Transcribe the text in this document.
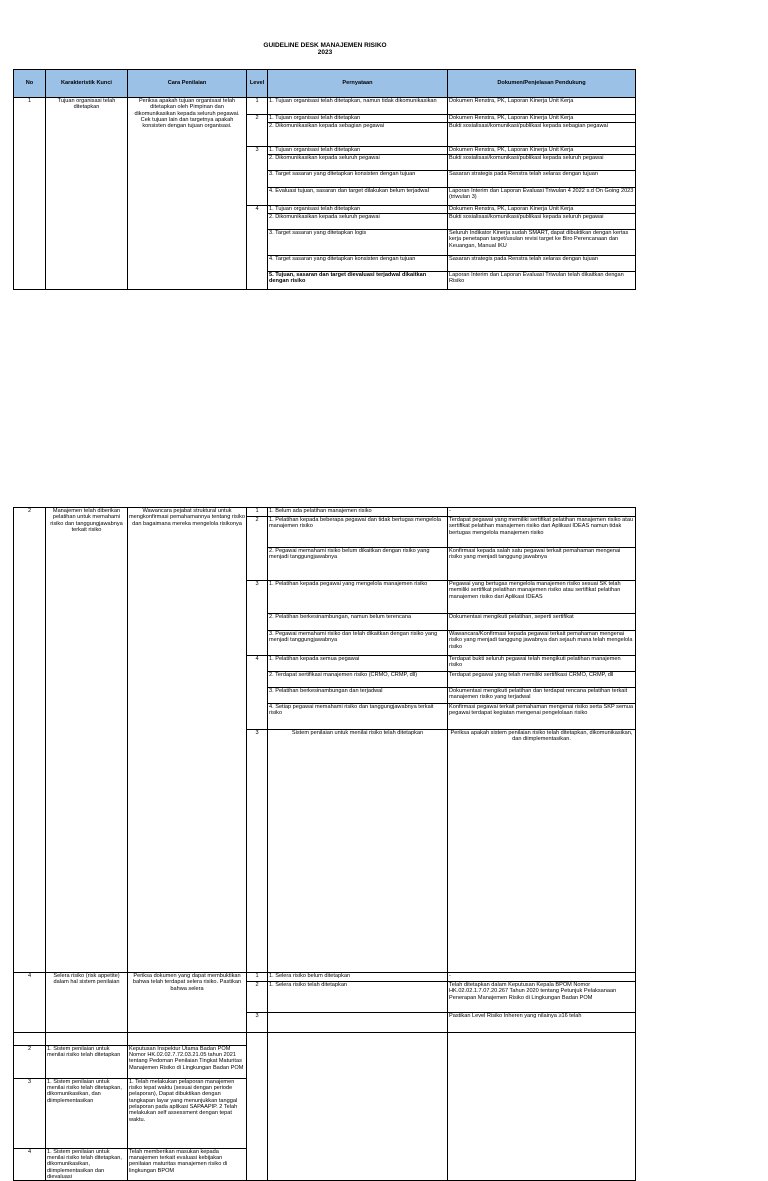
GUIDELINE DESK MANAJEMEN RISIKO
2023
No	Karakteristik Kunci	Cara Penilaian	Level	Pernyataan	Dokumen/Penjelasan Pendukung
1	Tujuan organisasi telah ditetapkan	Periksa apakah tujuan organisasi telah ditetapkan oleh Pimpinan dan dikomunikasikan kepada seluruh pegawai. Cek tujuan lain dan targetnya apakah konsisten dengan tujuan organisasi.	1	1. Tujuan organisasi telah ditetapkan, namun tidak dikomunikasikan	Dokumen Renstra, PK, Laporan Kinerja Unit Kerja
			2	1. Tujuan organisasi telah ditetapkan	Dokumen Renstra, PK, Laporan Kinerja Unit Kerja
				2. Dikomunikasikan kepada sebagian pegawai	Bukti sosialisasi/komunikasi/publikasi kepada sebagian pegawai
			3	1. Tujuan organisasi telah ditetapkan	Dokumen Renstra, PK, Laporan Kinerja Unit Kerja
				2. Dikomunikasikan kepada seluruh pegawai	Bukti sosialisasi/komunikasi/publikasi kepada seluruh pegawai
				3. Target sasaran yang ditetapkan konsisten dengan tujuan	Sasaran strategis pada Renstra telah selaras dengan tujuan
				4. Evaluasi tujuan, sasaran dan target dilakukan belum terjadwal	Laporan Interim dan Laporan Evaluasi Triwulan 4 2022 s.d On Going 2023 (triwulan 3)
			4	1. Tujuan organisasi telah ditetapkan	Dokumen Renstra, PK, Laporan Kinerja Unit Kerja
				2. Dikomunikasikan kepada seluruh pegawai	Bukti sosialisasi/komunikasi/publikasi kepada seluruh pegawai
				3. Target sasaran yang ditetapkan logis	Seluruh Indikator Kinerja sudah SMART, dapat dibuktikan dengan kertas kerja penetapan target/usulan revisi target ke Biro Perencanaan dan Keuangan, Manual IKU
				4. Target sasaran yang ditetapkan konsisten dengan tujuan	Sasaran strategis pada Renstra telah selaras dengan tujuan
				5. Tujuan, sasaran dan target dievaluasi terjadwal dikaitkan dengan risiko	Laporan Interim dan Laporan Evaluasi Triwulan telah dikaitkan dengan Risiko
2	Manajemen telah diberikan pelatihan untuk memahami risiko dan tanggungjawabnya terkait risiko	Wawancara pejabat struktural untuk mengkonfirmasi pemahamannya tentang risiko dan bagaimana mereka mengelola risikonya	1	1. Belum ada pelatihan manajemen risiko	-	
			2	1. Pelatihan kepada beberapa pegawai dan tidak bertugas mengelola manajemen risiko	Terdapat pegawai yang memiliki sertifikat pelatihan manajemen risiko atau sertifikat pelatihan manajemen risiko dari Aplikasi IDEAS namun tidak bertugas mengelola manajemen risiko	
				2. Pegawai memahami risiko belum dikaitkan dengan risiko yang menjadi tanggungjawabnya	Konfirmasi kepada salah satu pegawai terkait pemahaman mengenai risiko yang menjadi tanggung jawabnya	
			3	1. Pelatihan kepada pegawai yang mengelola manajemen risiko	Pegawai yang bertugas mengelola manajemen risiko sesuai SK telah memiliki sertifikat pelatihan manajemen risiko atau sertifikat pelatihan manajemen risiko dari Aplikasi IDEAS	
				2. Pelatihan berkesinambungan, namun belum terencana	Dokumentasi mengikuti pelatihan, seperti sertifikat	
				3. Pegawai memahami risiko dan telah dikaitkan dengan risiko yang menjadi tanggungjawabnya	Wawancara/Konfirmasi kepada pegawai terkait pemahaman mengenai risiko yang menjadi tanggung jawabnya dan sejauh mana telah mengelola risiko	
			4	1. Pelatihan kepada semua pegawai	Terdapat bukti seluruh pegawai telah mengikuti pelatihan manajemen risiko	
				2. Terdapat sertifikasi manajemen risiko (CRMO, CRMP, dll)	Terdapat pegawai yang telah memiliki sertifikasi CRMO, CRMP, dll	
				3. Pelatihan berkesinambungan dan terjadwal	Dokumentasi mengikuti pelatihan dan terdapat rencana pelatihan terkait manajemen risiko yang terjadwal	
				4. Setiap pegawai memahami risiko dan tanggungjawabnya terkait risiko	Konfirmasi pegawai terkait pemahaman mengenai risiko serta SKP semua pegawai terdapat kegiatan mengenai pengelolaan risiko	
			3	Sistem penilaian untuk menilai risiko telah ditetapkan	Periksa apakah sistem penilaian risiko telah ditetapkan, dikomunikasikan, dan diimplementasikan.			
2	1. Sistem penilaian untuk menilai risiko telah ditetapkan	Keputusan Inspektur Utama Badan POM Nomor HK.02.02.7.72.03.21.05 tahun 2021 tentang Pedoman Penilaian Tingkat Maturitas Manajemen Risiko di Lingkungan Badan POM				
3	1. Sistem penilaian untuk menilai risiko telah ditetapkan, dikomunikasikan, dan diimplementasikan	1. Telah melakukan pelaporan manajemen risiko tepat waktu (sesuai dengan periode pelaporan), Dapat dibuktikan dengan tangkapan layar yang menunjukkan tanggal pelaporan pada aplikasi SAPAAPIP. 2 Telah melakukan self assessment dengan tepat waktu.				
4	1. Sistem penilaian untuk menilai risiko telah ditetapkan, dikomunikasikan, diimplementasikan dan dievaluasi	Telah memberikan masukan kepada manajemen terkait evaluasi kebijakan penilaian maturitas manajemen risiko di lingkungan BPOM				
4	Selera risiko (risk appetite) dalam hal sistem penilaian	Periksa dokumen yang dapat membuktikan bahwa telah terdapat selera risiko. Pastikan bahwa selera	1	1. Selera risiko belum ditetapkan	-
			2	1. Selera risiko telah ditetapkan	Telah ditetapkan dalam Keputusan Kepala BPOM Nomor HK.02.02.1.7.07.20.267 Tahun 2020 tentang Petunjuk Pelaksanaan Penerapan Manajemen Risiko di Lingkungan Badan POM
			3		Pastikan Level Risiko Inheren yang nilainya ≥16 telah
